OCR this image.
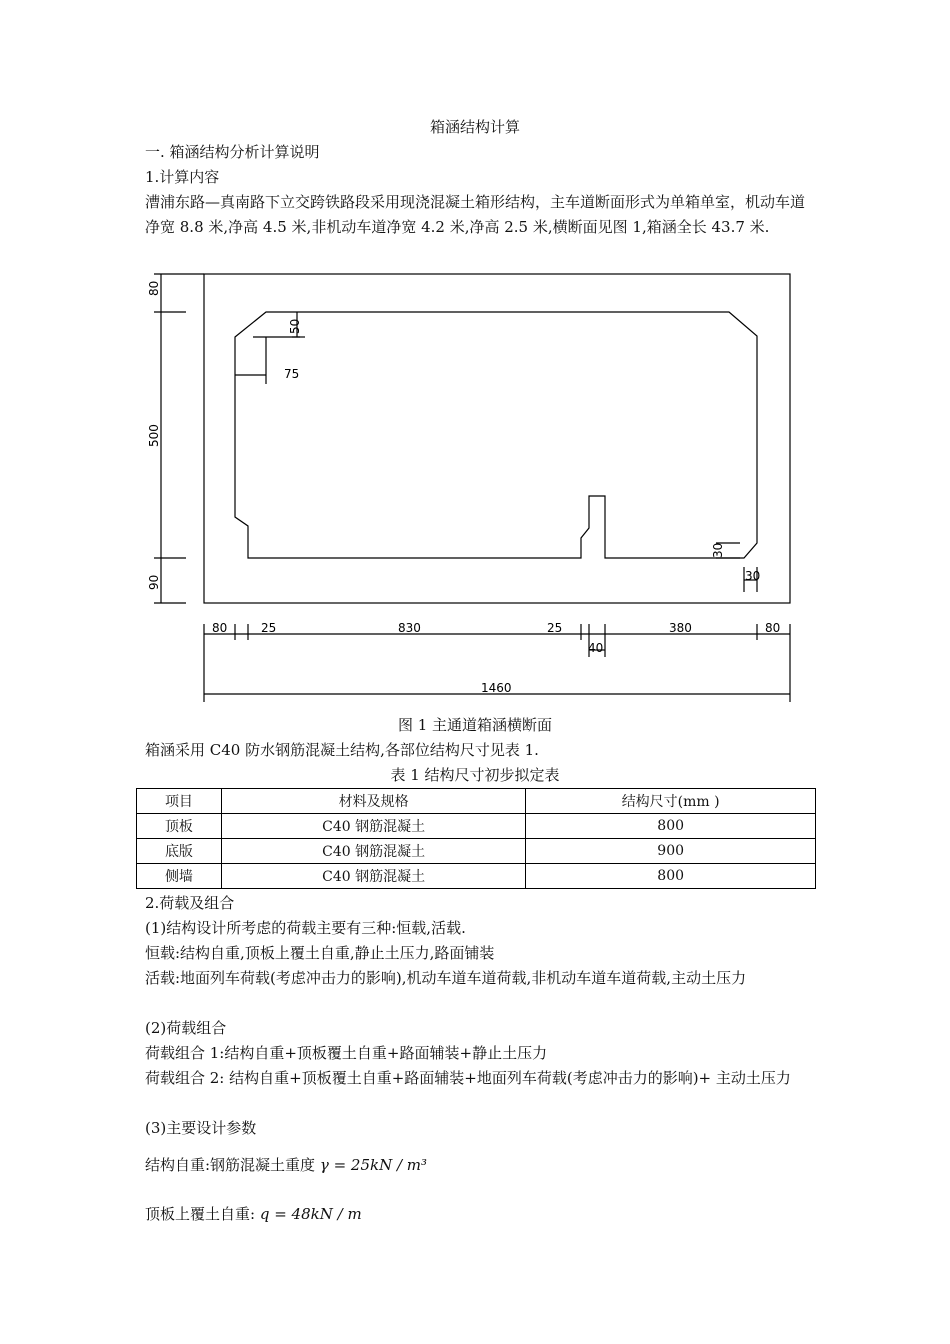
箱涵结构计算
一. 箱涵结构分析计算说明
1.计算内容
漕浦东路—真南路下立交跨铁路段采用现浇混凝土箱形结构，主车道断面形式为单箱单室，机动车道净宽 8.8 米,净高 4.5 米,非机动车道净宽 4.2 米,净高 2.5 米,横断面见图 1,箱涵全长 43.7 米.
80
500
90
50
75
30
30
80	25	830	25
40
380	80
1460
图 1 主通道箱涵横断面
箱涵采用 C40 防水钢筋混凝土结构,各部位结构尺寸见表 1.
表 1 结构尺寸初步拟定表
项目	材料及规格	结构尺寸(mm )
顶板	C40 钢筋混凝土	800
底版	C40 钢筋混凝土	900
侧墙	C40 钢筋混凝土	800
2.荷载及组合
(1)结构设计所考虑的荷载主要有三种:恒载,活载.
恒载:结构自重,顶板上覆土自重,静止土压力,路面铺装
活载:地面列车荷载(考虑冲击力的影响),机动车道车道荷载,非机动车道车道荷载,主动土压力
(2)荷载组合
荷载组合 1:结构自重+顶板覆土自重+路面辅装+静止土压力
荷载组合 2: 结构自重+顶板覆土自重+路面辅装+地面列车荷载(考虑冲击力的影响)+ 主动土压力
(3)主要设计参数
结构自重:钢筋混凝土重度 γ = 25kN / m³
顶板上覆土自重: q = 48kN / m
